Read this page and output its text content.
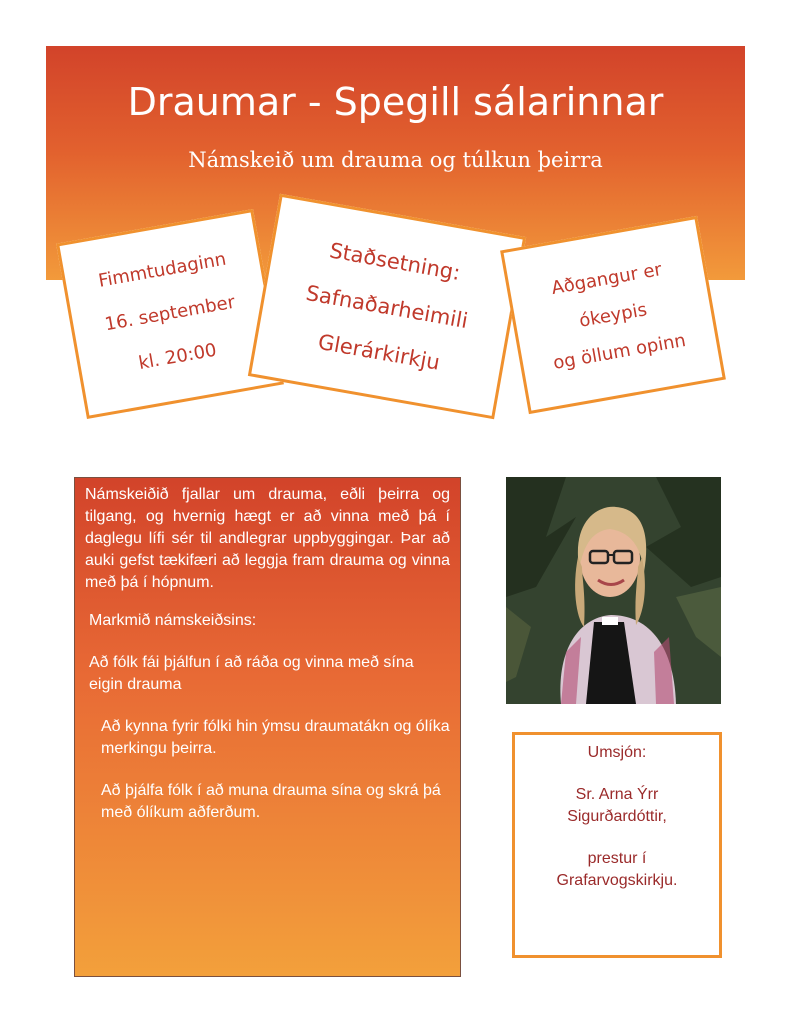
Draumar - Spegill sálarinnar

Námskeið um drauma og túlkun þeirra

Fimmtudaginn
16. september
kl. 20:00
Staðsetning:
Safnaðarheimili
Glerárkirkju
Aðgangur er
ókeypis
og öllum opinn

Námskeiðið fjallar um drauma, eðli þeirra og tilgang, og hvernig hægt er að vinna með þá í daglegu lífi sér til andlegrar uppbyggingar. Þar að auki gefst tækifæri að leggja fram drauma og vinna með þá í hópnum.

Markmið námskeiðsins:

Að fólk fái þjálfun í að ráða og vinna með sína eigin drauma

Að kynna fyrir fólki hin ýmsu draumatákn og ólíka merkingu þeirra.

Að þjálfa fólk í að muna drauma sína og skrá þá með ólíkum aðferðum.

Umsjón:

Sr. Arna Ýrr

Sigurðardóttir,

prestur í

Grafarvogskirkju.
